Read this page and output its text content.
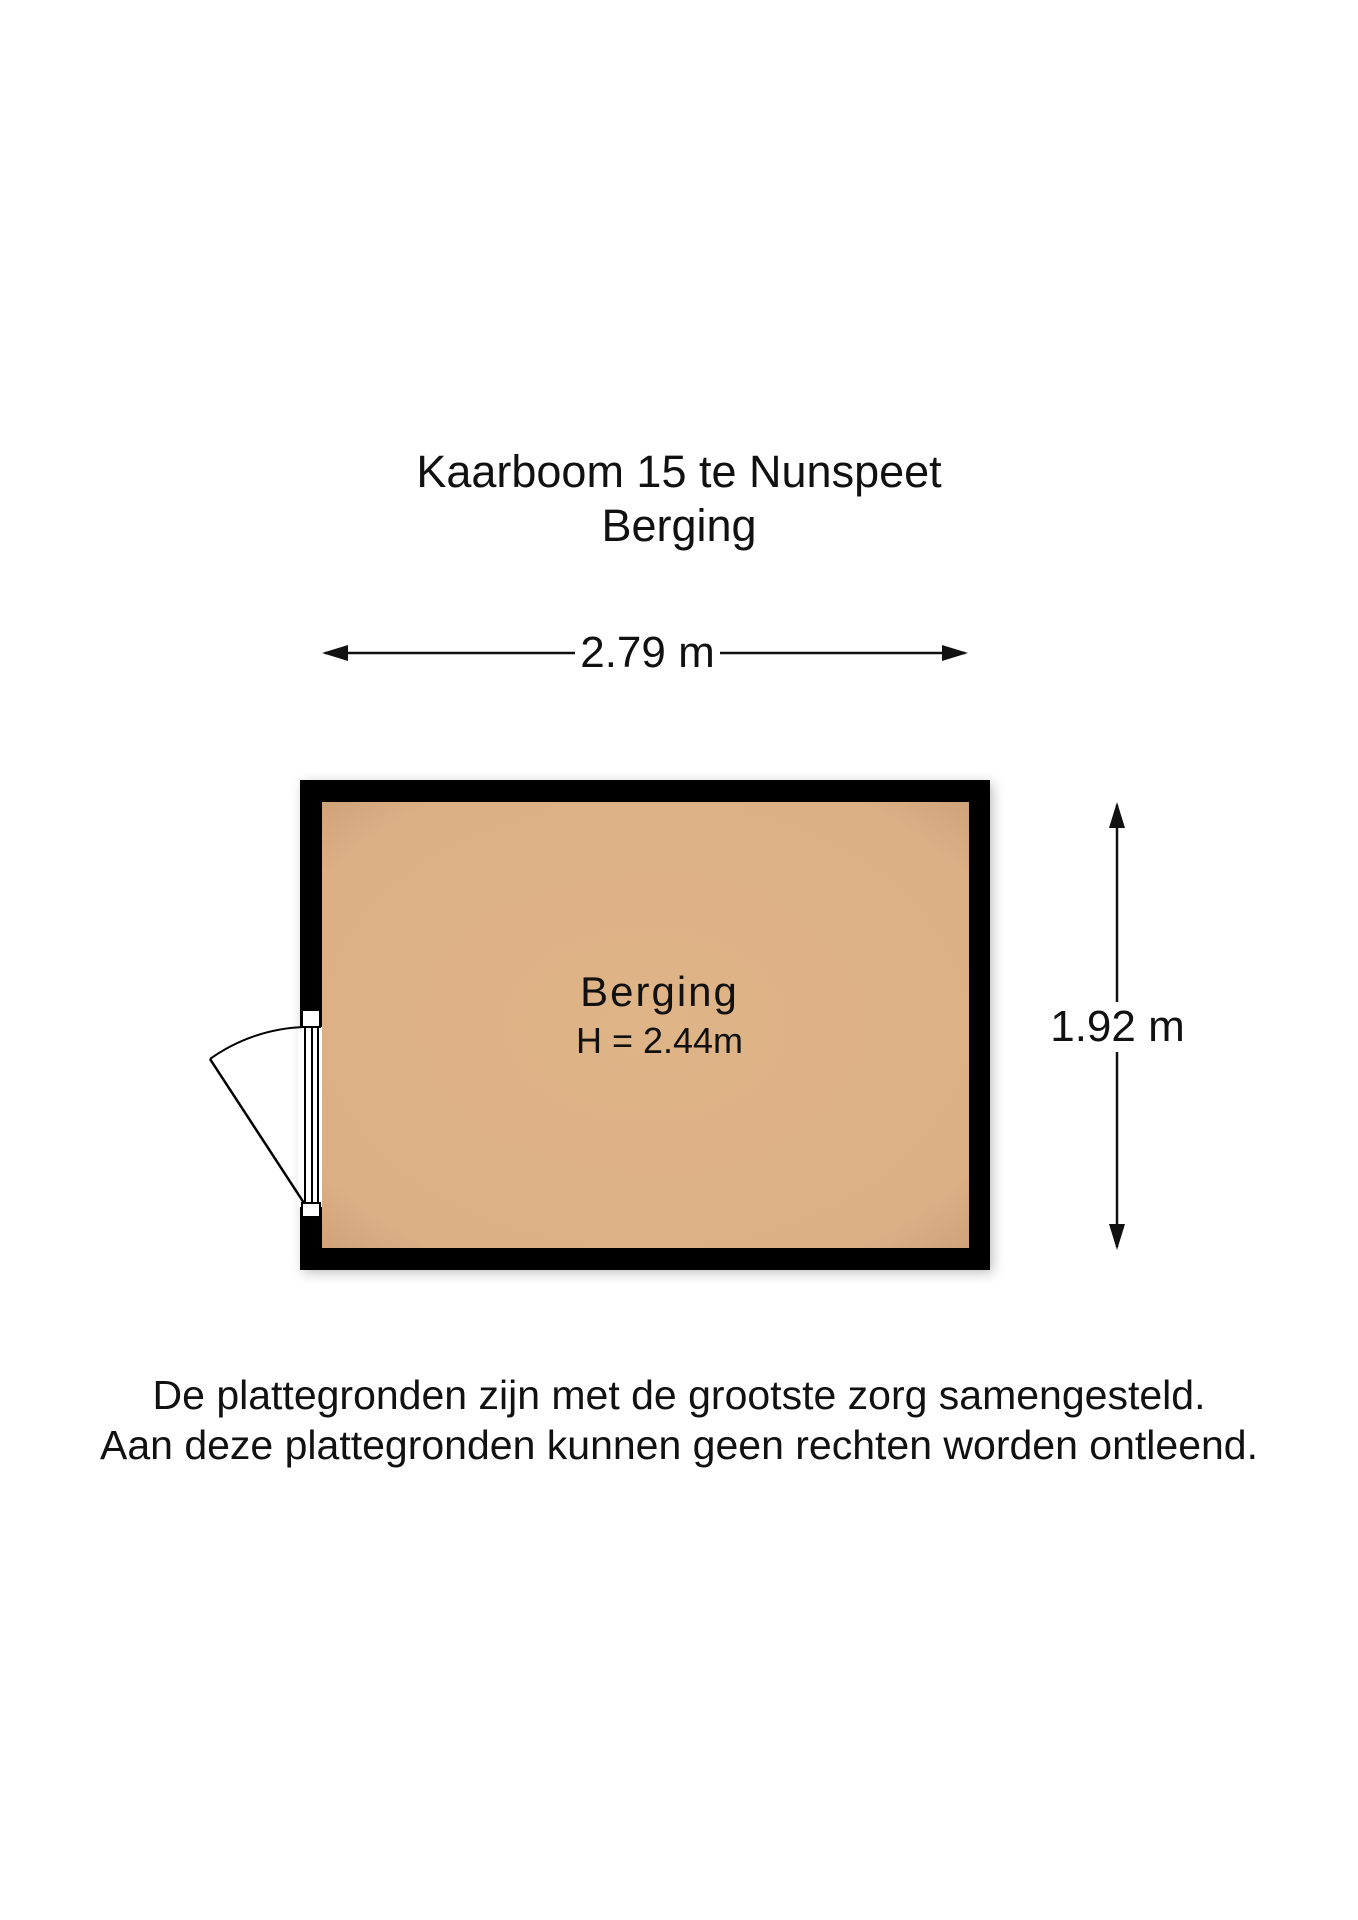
Kaarboom 15 te Nunspeet
Berging
2.79 m
1.92 m
Berging
H = 2.44m
De plattegronden zijn met de grootste zorg samengesteld.
Aan deze plattegronden kunnen geen rechten worden ontleend.
